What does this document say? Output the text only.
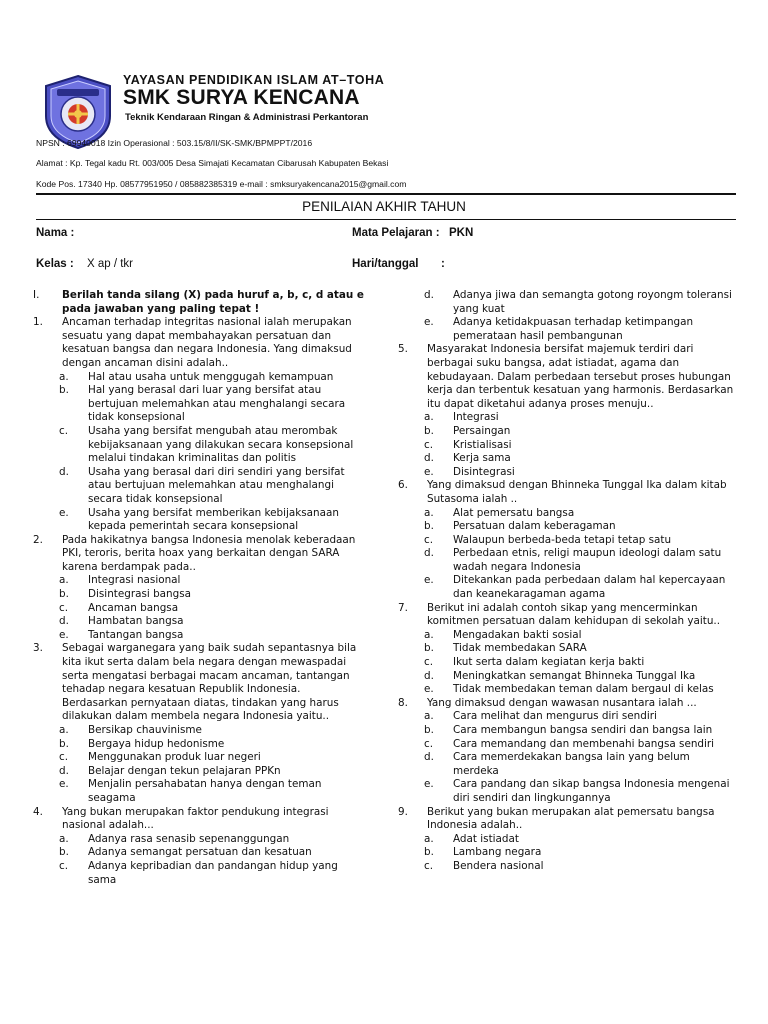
YAYASAN PENDIDIKAN ISLAM AT–TOHA
SMK SURYA KENCANA
Teknik Kendaraan Ringan & Administrasi Perkantoran
NPSN : 69940018 Izin Operasional : 503.15/8/II/SK-SMK/BPMPPT/2016
Alamat : Kp. Tegal kadu Rt. 003/005 Desa Simajati Kecamatan Cibarusah Kabupaten Bekasi
Kode Pos. 17340 Hp. 08577951950 / 085882385319 e-mail : smksuryakencana2015@gmail.com
PENILAIAN AKHIR TAHUN
Nama :	Mata Pelajaran : PKN
Kelas : X ap / tkr	Hari/tanggal :
I. Berilah tanda silang (X) pada huruf a, b, c, d atau e pada jawaban yang paling tepat !
1. Ancaman terhadap integritas nasional ialah merupakan sesuatu yang dapat membahayakan persatuan dan kesatuan bangsa dan negara Indonesia. Yang dimaksud dengan ancaman disini adalah..
a. Hal atau usaha untuk menggugah kemampuan
b. Hal yang berasal dari luar yang bersifat atau bertujuan melemahkan atau menghalangi secara tidak konsepsional
c. Usaha yang bersifat mengubah atau merombak kebijaksanaan yang dilakukan secara konsepsional melalui tindakan kriminalitas dan politis
d. Usaha yang berasal dari diri sendiri yang bersifat atau bertujuan melemahkan atau menghalangi secara tidak konsepsional
e. Usaha yang bersifat memberikan kebijaksanaan kepada pemerintah secara konsepsional
2. Pada hakikatnya bangsa Indonesia menolak keberadaan PKI, teroris, berita hoax yang berkaitan dengan SARA karena berdampak pada..
a. Integrasi nasional
b. Disintegrasi bangsa
c. Ancaman bangsa
d. Hambatan bangsa
e. Tantangan bangsa
3. Sebagai warganegara yang baik sudah sepantasnya bila kita ikut serta dalam bela negara dengan mewaspadai serta mengatasi berbagai macam ancaman, tantangan tehadap negara kesatuan Republik Indonesia. Berdasarkan pernyataan diatas, tindakan yang harus dilakukan dalam membela negara Indonesia yaitu..
a. Bersikap chauvinisme
b. Bergaya hidup hedonisme
c. Menggunakan produk luar negeri
d. Belajar dengan tekun pelajaran PPKn
e. Menjalin persahabatan hanya dengan teman seagama
4. Yang bukan merupakan faktor pendukung integrasi nasional adalah...
a. Adanya rasa senasib sepenanggungan
b. Adanya semangat persatuan dan kesatuan
c. Adanya kepribadian dan pandangan hidup yang sama
d. Adanya jiwa dan semangta gotong royongm toleransi yang kuat
e. Adanya ketidakpuasan terhadap ketimpangan pemerataan hasil pembangunan
5. Masyarakat Indonesia bersifat majemuk terdiri dari berbagai suku bangsa, adat istiadat, agama dan kebudayaan. Dalam perbedaan tersebut proses hubungan kerja dan terbentuk kesatuan yang harmonis. Berdasarkan itu dapat diketahui adanya proses menuju..
a. Integrasi
b. Persaingan
c. Kristialisasi
d. Kerja sama
e. Disintegrasi
6. Yang dimaksud dengan Bhinneka Tunggal Ika dalam kitab Sutasoma ialah ..
a. Alat pemersatu bangsa
b. Persatuan dalam keberagaman
c. Walaupun berbeda-beda tetapi tetap satu
d. Perbedaan etnis, religi maupun ideologi dalam satu wadah negara Indonesia
e. Ditekankan pada perbedaan dalam hal kepercayaan dan keanekaragaman agama
7. Berikut ini adalah contoh sikap yang mencerminkan komitmen persatuan dalam kehidupan di sekolah yaitu..
a. Mengadakan bakti sosial
b. Tidak membedakan SARA
c. Ikut serta dalam kegiatan kerja bakti
d. Meningkatkan semangat Bhinneka Tunggal Ika
e. Tidak membedakan teman dalam bergaul di kelas
8. Yang dimaksud dengan wawasan nusantara ialah ...
a. Cara melihat dan mengurus diri sendiri
b. Cara membangun bangsa sendiri dan bangsa lain
c. Cara memandang dan membenahi bangsa sendiri
d. Cara memerdekakan bangsa lain yang belum merdeka
e. Cara pandang dan sikap bangsa Indonesia mengenai diri sendiri dan lingkungannya
9. Berikut yang bukan merupakan alat pemersatu bangsa Indonesia adalah..
a. Adat istiadat
b. Lambang negara
c. Bendera nasional
